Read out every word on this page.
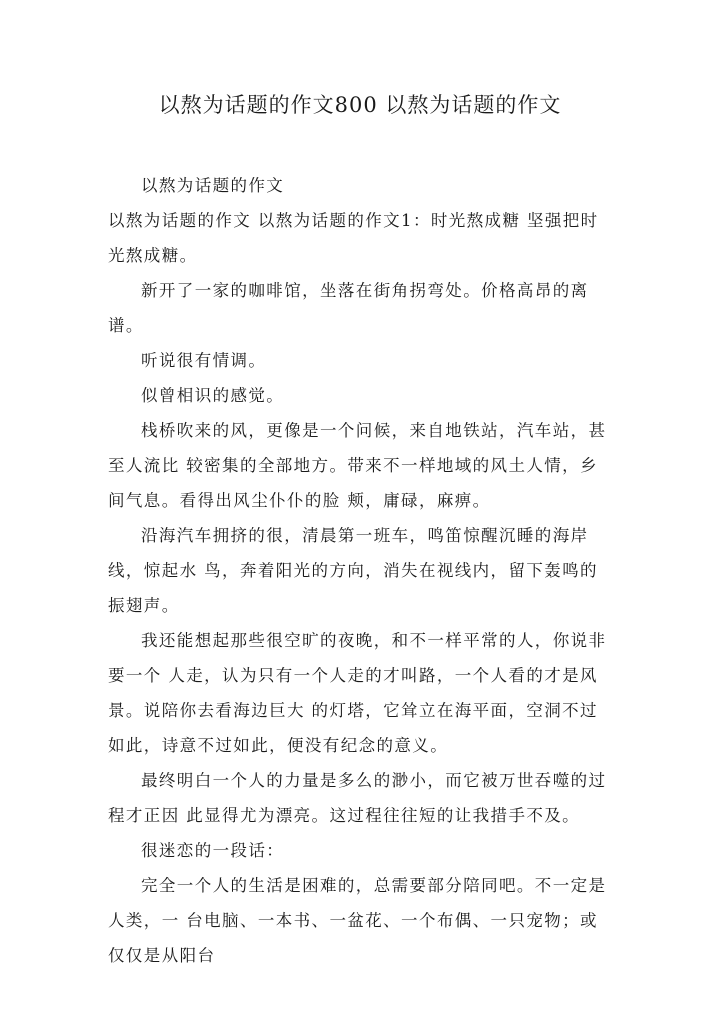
以熬为话题的作文800 以熬为话题的作文

以熬为话题的作文

以熬为话题的作文 以熬为话题的作文1：时光熬成糖 坚强把时光熬成糖。

新开了一家的咖啡馆，坐落在街角拐弯处。价格高昂的离谱。

听说很有情调。

似曾相识的感觉。

栈桥吹来的风，更像是一个问候，来自地铁站，汽车站，甚至人流比 较密集的全部地方。带来不一样地域的风土人情，乡间气息。看得出风尘仆仆的脸 颊，庸碌，麻痹。

沿海汽车拥挤的很，清晨第一班车，鸣笛惊醒沉睡的海岸线，惊起水 鸟，奔着阳光的方向，消失在视线内，留下轰鸣的振翅声。

我还能想起那些很空旷的夜晚，和不一样平常的人，你说非要一个 人走，认为只有一个人走的才叫路，一个人看的才是风景。说陪你去看海边巨大 的灯塔，它耸立在海平面，空洞不过如此，诗意不过如此，便没有纪念的意义。

最终明白一个人的力量是多么的渺小，而它被万世吞噬的过程才正因 此显得尤为漂亮。这过程往往短的让我措手不及。

很迷恋的一段话：

完全一个人的生活是困难的，总需要部分陪同吧。不一定是人类，一 台电脑、一本书、一盆花、一个布偶、一只宠物；或仅仅是从阳台
